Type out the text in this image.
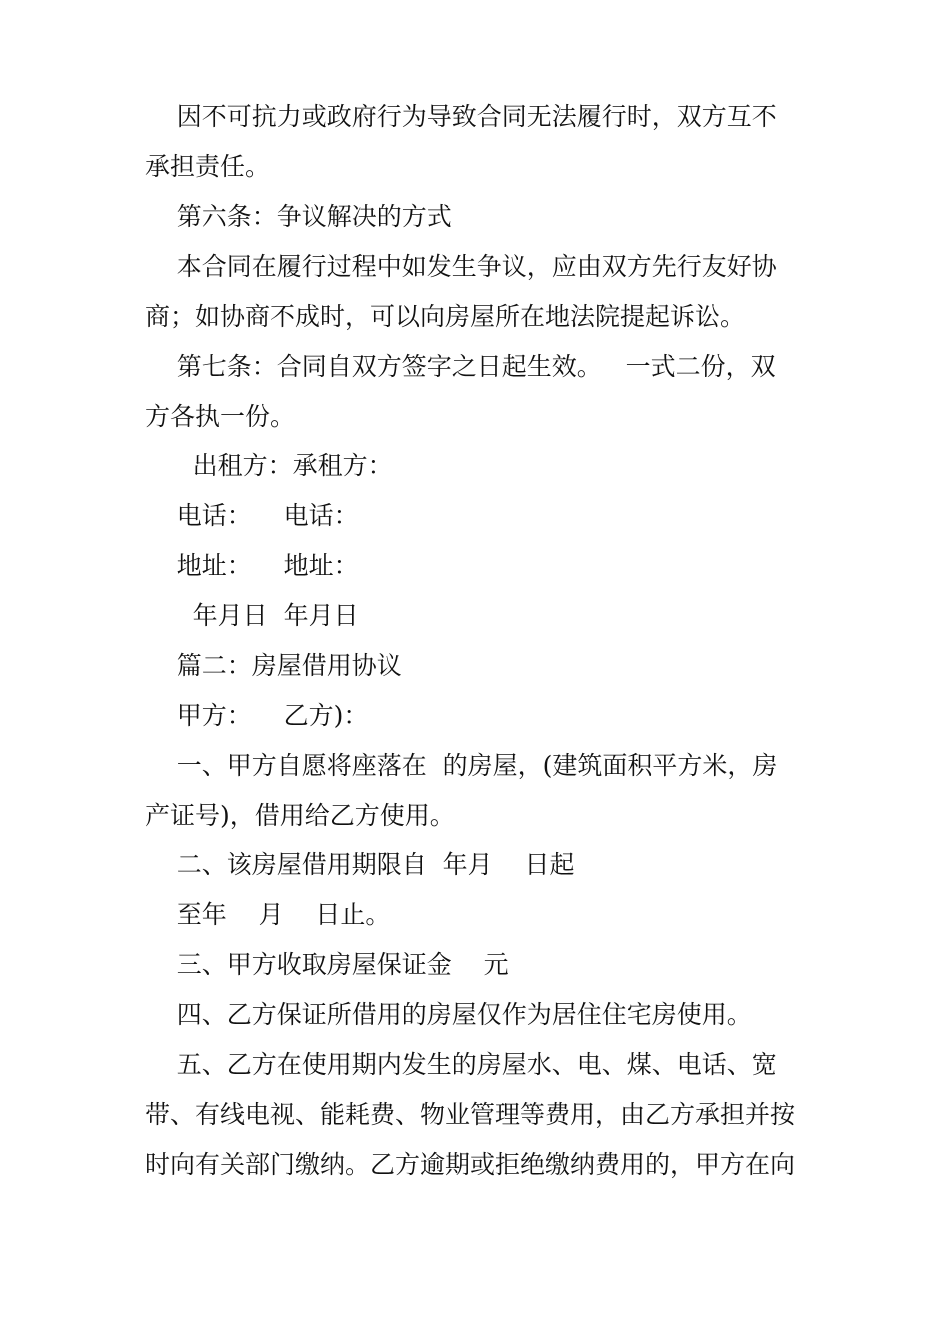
因不可抗力或政府行为导致合同无法履行时，双方互不
承担责任。
第六条：争议解决的方式
本合同在履行过程中如发生争议，应由双方先行友好协
商；如协商不成时，可以向房屋所在地法院提起诉讼。
第七条：合同自双方签字之日起生效。   一式二份，双
方各执一份。
出租方：承租方：
电话：    电话：
地址：    地址：
年月日  年月日
篇二：房屋借用协议
甲方：    乙方)：
一、甲方自愿将座落在  的房屋，(建筑面积平方米，房
产证号)，借用给乙方使用。
二、该房屋借用期限自  年月    日起
至年    月    日止。
三、甲方收取房屋保证金    元
四、乙方保证所借用的房屋仅作为居住住宅房使用。
五、乙方在使用期内发生的房屋水、电、煤、电话、宽
带、有线电视、能耗费、物业管理等费用，由乙方承担并按
时向有关部门缴纳。乙方逾期或拒绝缴纳费用的，甲方在向
